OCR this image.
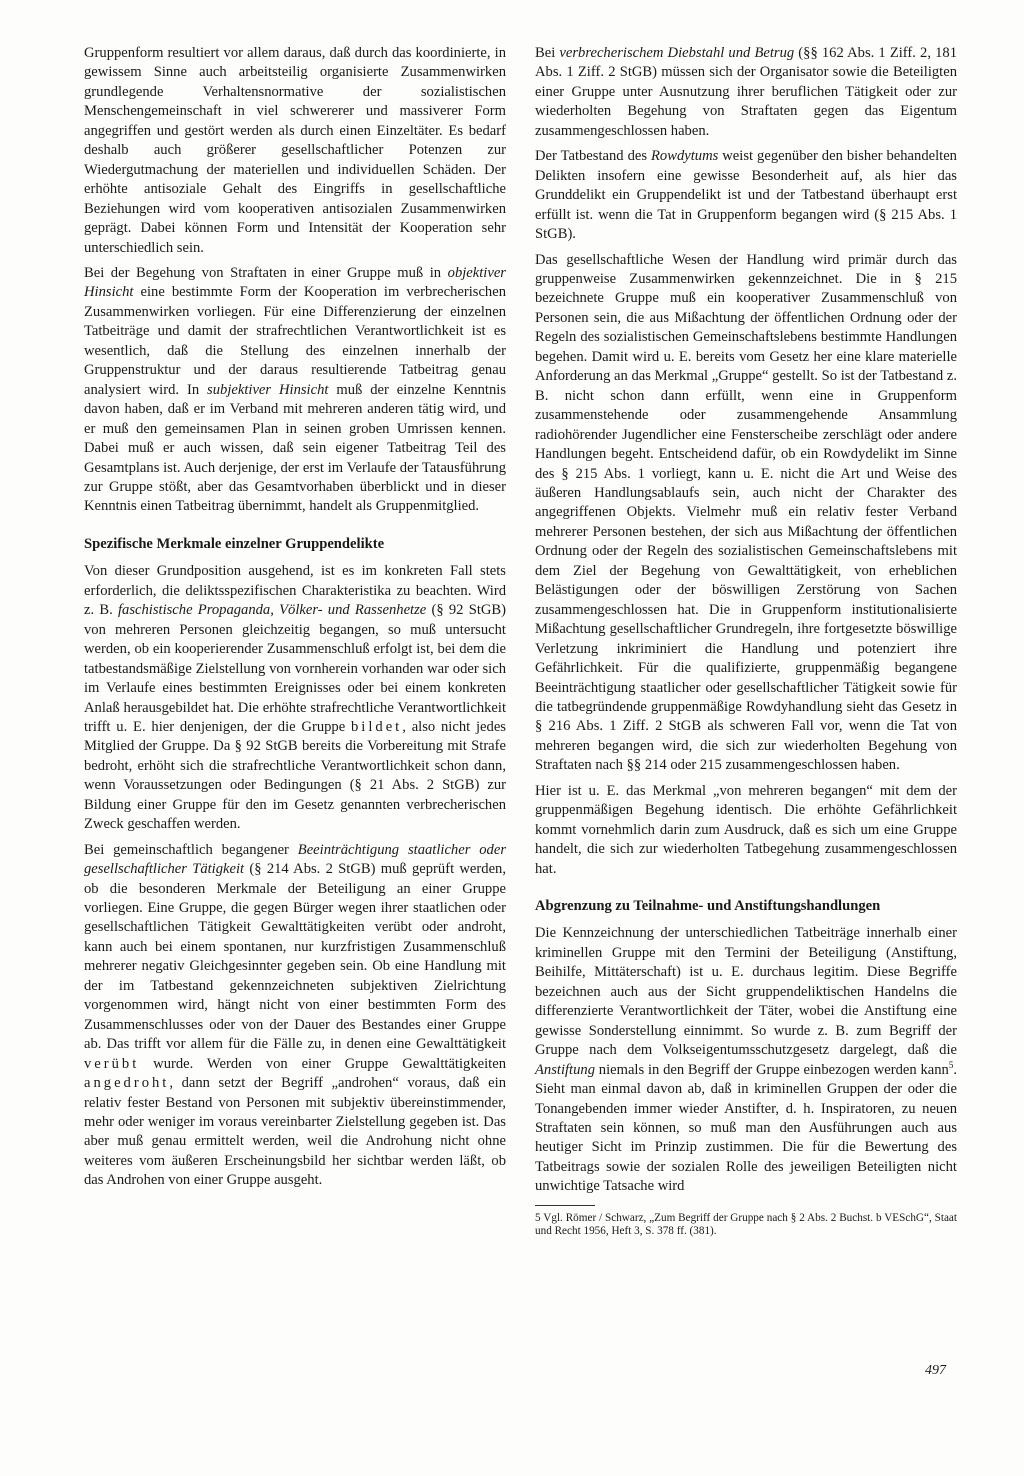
Gruppenform resultiert vor allem daraus, daß durch das koordinierte, in gewissem Sinne auch arbeitsteilig organisierte Zusammenwirken grundlegende Verhaltensnormative der sozialistischen Menschengemeinschaft in viel schwererer und massiverer Form angegriffen und gestört werden als durch einen Einzeltäter. Es bedarf deshalb auch größerer gesellschaftlicher Potenzen zur Wiedergutmachung der materiellen und individuellen Schäden. Der erhöhte antisoziale Gehalt des Eingriffs in gesellschaftliche Beziehungen wird vom kooperativen antisozialen Zusammenwirken geprägt. Dabei können Form und Intensität der Kooperation sehr unterschiedlich sein.

Bei der Begehung von Straftaten in einer Gruppe muß in objektiver Hinsicht eine bestimmte Form der Kooperation im verbrecherischen Zusammenwirken vorliegen. Für eine Differenzierung der einzelnen Tatbeiträge und damit der strafrechtlichen Verantwortlichkeit ist es wesentlich, daß die Stellung des einzelnen innerhalb der Gruppenstruktur und der daraus resultierende Tatbeitrag genau analysiert wird. In subjektiver Hinsicht muß der einzelne Kenntnis davon haben, daß er im Verband mit mehreren anderen tätig wird, und er muß den gemeinsamen Plan in seinen groben Umrissen kennen. Dabei muß er auch wissen, daß sein eigener Tatbeitrag Teil des Gesamtplans ist. Auch derjenige, der erst im Verlaufe der Tatausführung zur Gruppe stößt, aber das Gesamtvorhaben überblickt und in dieser Kenntnis einen Tatbeitrag übernimmt, handelt als Gruppenmitglied.

Spezifische Merkmale einzelner Gruppendelikte

Von dieser Grundposition ausgehend, ist es im konkreten Fall stets erforderlich, die deliktsspezifischen Charakteristika zu beachten. Wird z. B. faschistische Propaganda, Völker- und Rassenhetze (§ 92 StGB) von mehreren Personen gleichzeitig begangen, so muß untersucht werden, ob ein kooperierender Zusammenschluß erfolgt ist, bei dem die tatbestandsmäßige Zielstellung von vornherein vorhanden war oder sich im Verlaufe eines bestimmten Ereignisses oder bei einem konkreten Anlaß herausgebildet hat. Die erhöhte strafrechtliche Verantwortlichkeit trifft u. E. hier denjenigen, der die Gruppe bildet, also nicht jedes Mitglied der Gruppe. Da § 92 StGB bereits die Vorbereitung mit Strafe bedroht, erhöht sich die strafrechtliche Verantwortlichkeit schon dann, wenn Voraussetzungen oder Bedingungen (§ 21 Abs. 2 StGB) zur Bildung einer Gruppe für den im Gesetz genannten verbrecherischen Zweck geschaffen werden.

Bei gemeinschaftlich begangener Beeinträchtigung staatlicher oder gesellschaftlicher Tätigkeit (§ 214 Abs. 2 StGB) muß geprüft werden, ob die besonderen Merkmale der Beteiligung an einer Gruppe vorliegen. Eine Gruppe, die gegen Bürger wegen ihrer staatlichen oder gesellschaftlichen Tätigkeit Gewalttätigkeiten verübt oder androht, kann auch bei einem spontanen, nur kurzfristigen Zusammenschluß mehrerer negativ Gleichgesinnter gegeben sein. Ob eine Handlung mit der im Tatbestand gekennzeichneten subjektiven Zielrichtung vorgenommen wird, hängt nicht von einer bestimmten Form des Zusammenschlusses oder von der Dauer des Bestandes einer Gruppe ab. Das trifft vor allem für die Fälle zu, in denen eine Gewalttätigkeit verübt wurde. Werden von einer Gruppe Gewalttätigkeiten angedroht, dann setzt der Begriff „androhen“ voraus, daß ein relativ fester Bestand von Personen mit subjektiv übereinstimmender, mehr oder weniger im voraus vereinbarter Zielstellung gegeben ist. Das aber muß genau ermittelt werden, weil die Androhung nicht ohne weiteres vom äußeren Erscheinungsbild her sichtbar werden läßt, ob das Androhen von einer Gruppe ausgeht.

Bei verbrecherischem Diebstahl und Betrug (§§ 162 Abs. 1 Ziff. 2, 181 Abs. 1 Ziff. 2 StGB) müssen sich der Organisator sowie die Beteiligten einer Gruppe unter Ausnutzung ihrer beruflichen Tätigkeit oder zur wiederholten Begehung von Straftaten gegen das Eigentum zusammengeschlossen haben.

Der Tatbestand des Rowdytums weist gegenüber den bisher behandelten Delikten insofern eine gewisse Besonderheit auf, als hier das Grunddelikt ein Gruppendelikt ist und der Tatbestand überhaupt erst erfüllt ist. wenn die Tat in Gruppenform begangen wird (§ 215 Abs. 1 StGB).

Das gesellschaftliche Wesen der Handlung wird primär durch das gruppenweise Zusammenwirken gekennzeichnet. Die in § 215 bezeichnete Gruppe muß ein kooperativer Zusammenschluß von Personen sein, die aus Mißachtung der öffentlichen Ordnung oder der Regeln des sozialistischen Gemeinschaftslebens bestimmte Handlungen begehen. Damit wird u. E. bereits vom Gesetz her eine klare materielle Anforderung an das Merkmal „Gruppe“ gestellt. So ist der Tatbestand z. B. nicht schon dann erfüllt, wenn eine in Gruppenform zusammenstehende oder zusammengehende Ansammlung radiohörender Jugendlicher eine Fensterscheibe zerschlägt oder andere Handlungen begeht. Entscheidend dafür, ob ein Rowdydelikt im Sinne des § 215 Abs. 1 vorliegt, kann u. E. nicht die Art und Weise des äußeren Handlungsablaufs sein, auch nicht der Charakter des angegriffenen Objekts. Vielmehr muß ein relativ fester Verband mehrerer Personen bestehen, der sich aus Mißachtung der öffentlichen Ordnung oder der Regeln des sozialistischen Gemeinschaftslebens mit dem Ziel der Begehung von Gewalttätigkeit, von erheblichen Belästigungen oder der böswilligen Zerstörung von Sachen zusammengeschlossen hat. Die in Gruppenform institutionalisierte Mißachtung gesellschaftlicher Grundregeln, ihre fortgesetzte böswillige Verletzung inkriminiert die Handlung und potenziert ihre Gefährlichkeit. Für die qualifizierte, gruppenmäßig begangene Beeinträchtigung staatlicher oder gesellschaftlicher Tätigkeit sowie für die tatbegründende gruppenmäßige Rowdyhandlung sieht das Gesetz in § 216 Abs. 1 Ziff. 2 StGB als schweren Fall vor, wenn die Tat von mehreren begangen wird, die sich zur wiederholten Begehung von Straftaten nach §§ 214 oder 215 zusammengeschlossen haben.

Hier ist u. E. das Merkmal „von mehreren begangen“ mit dem der gruppenmäßigen Begehung identisch. Die erhöhte Gefährlichkeit kommt vornehmlich darin zum Ausdruck, daß es sich um eine Gruppe handelt, die sich zur wiederholten Tatbegehung zusammengeschlossen hat.

Abgrenzung zu Teilnahme- und Anstiftungshandlungen

Die Kennzeichnung der unterschiedlichen Tatbeiträge innerhalb einer kriminellen Gruppe mit den Termini der Beteiligung (Anstiftung, Beihilfe, Mittäterschaft) ist u. E. durchaus legitim. Diese Begriffe bezeichnen auch aus der Sicht gruppendeliktischen Handelns die differenzierte Verantwortlichkeit der Täter, wobei die Anstiftung eine gewisse Sonderstellung einnimmt. So wurde z. B. zum Begriff der Gruppe nach dem Volkseigentumsschutzgesetz dargelegt, daß die Anstiftung niemals in den Begriff der Gruppe einbezogen werden kann$^5$. Sieht man einmal davon ab, daß in kriminellen Gruppen der oder die Tonangebenden immer wieder Anstifter, d. h. Inspiratoren, zu neuen Straftaten sein können, so muß man den Ausführungen auch aus heutiger Sicht im Prinzip zustimmen. Die für die Bewertung des Tatbeitrags sowie der sozialen Rolle des jeweiligen Beteiligten nicht unwichtige Tatsache wird

5 Vgl. Römer / Schwarz, „Zum Begriff der Gruppe nach § 2 Abs. 2 Buchst. b VESchG“, Staat und Recht 1956, Heft 3, S. 378 ff. (381).
497
